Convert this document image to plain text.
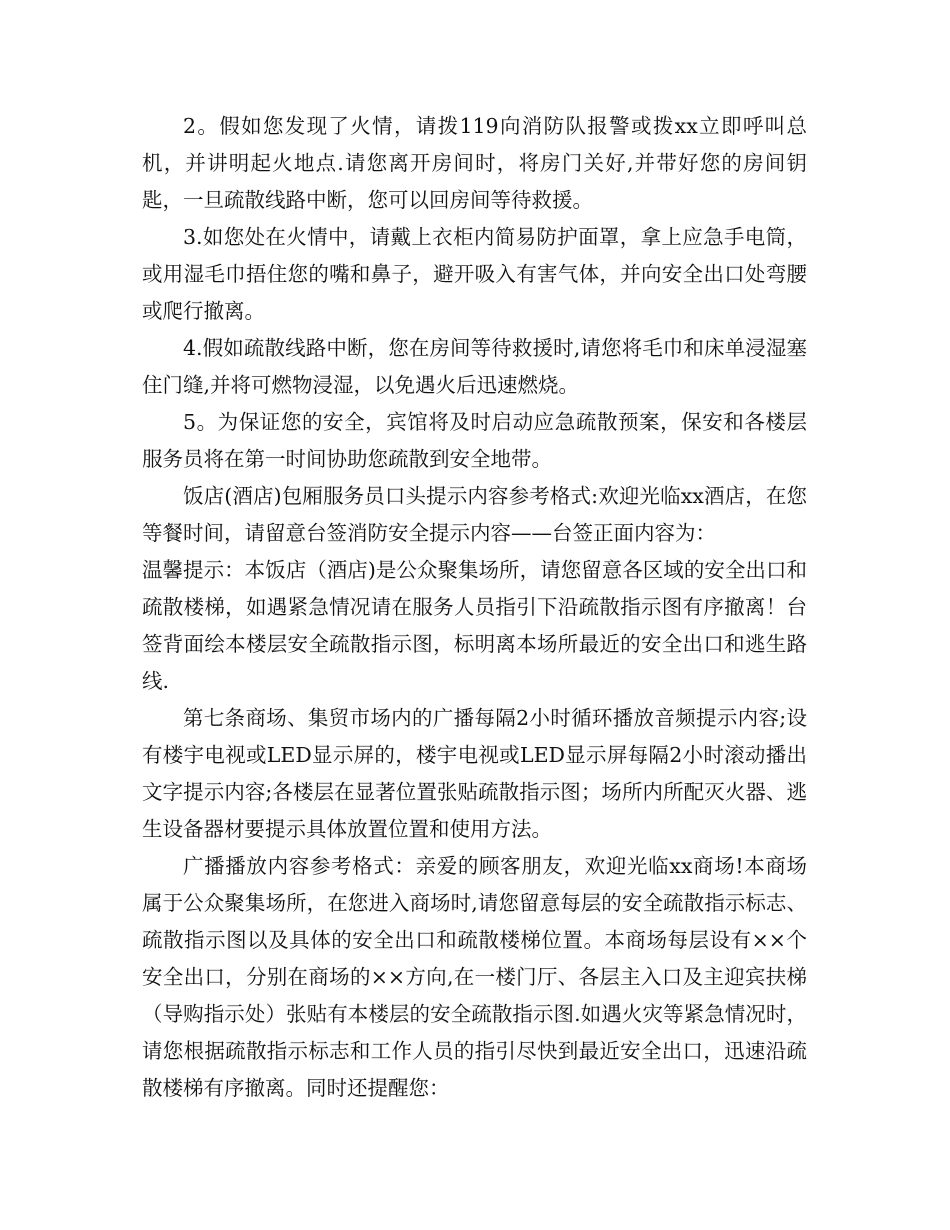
2。假如您发现了火情，请拨119向消防队报警或拨xx立即呼叫总机，并讲明起火地点.请您离开房间时，将房门关好,并带好您的房间钥匙，一旦疏散线路中断，您可以回房间等待救援。

3.如您处在火情中，请戴上衣柜内简易防护面罩，拿上应急手电筒，或用湿毛巾捂住您的嘴和鼻子，避开吸入有害气体，并向安全出口处弯腰或爬行撤离。

4.假如疏散线路中断，您在房间等待救援时,请您将毛巾和床单浸湿塞住门缝,并将可燃物浸湿，以免遇火后迅速燃烧。

5。为保证您的安全，宾馆将及时启动应急疏散预案，保安和各楼层服务员将在第一时间协助您疏散到安全地带。

饭店(酒店)包厢服务员口头提示内容参考格式:欢迎光临xx酒店，在您等餐时间，请留意台签消防安全提示内容——台签正面内容为：

温馨提示：本饭店（酒店)是公众聚集场所，请您留意各区域的安全出口和疏散楼梯，如遇紧急情况请在服务人员指引下沿疏散指示图有序撤离！台签背面绘本楼层安全疏散指示图，标明离本场所最近的安全出口和逃生路线.

第七条商场、集贸市场内的广播每隔2小时循环播放音频提示内容;设有楼宇电视或LED显示屏的，楼宇电视或LED显示屏每隔2小时滚动播出文字提示内容;各楼层在显著位置张贴疏散指示图；场所内所配灭火器、逃生设备器材要提示具体放置位置和使用方法。

广播播放内容参考格式：亲爱的顾客朋友，欢迎光临xx商场!本商场属于公众聚集场所，在您进入商场时,请您留意每层的安全疏散指示标志、疏散指示图以及具体的安全出口和疏散楼梯位置。本商场每层设有××个安全出口，分别在商场的××方向,在一楼门厅、各层主入口及主迎宾扶梯（导购指示处）张贴有本楼层的安全疏散指示图.如遇火灾等紧急情况时，请您根据疏散指示标志和工作人员的指引尽快到最近安全出口，迅速沿疏散楼梯有序撤离。同时还提醒您：
